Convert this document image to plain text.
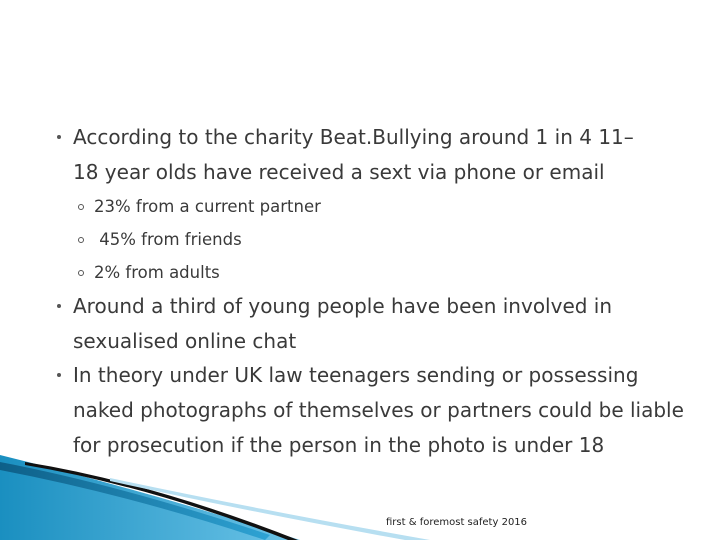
According to the charity Beat.Bullying around 1 in 4 11–18 year olds have received a sext via phone or email
23% from a current partner
45% from friends
2% from adults
Around a third of young people have been involved in sexualised online chat
In theory under UK law teenagers sending or possessing naked photographs of themselves or partners could be liable for prosecution if the person in the photo is under 18
first & foremost safety 2016
